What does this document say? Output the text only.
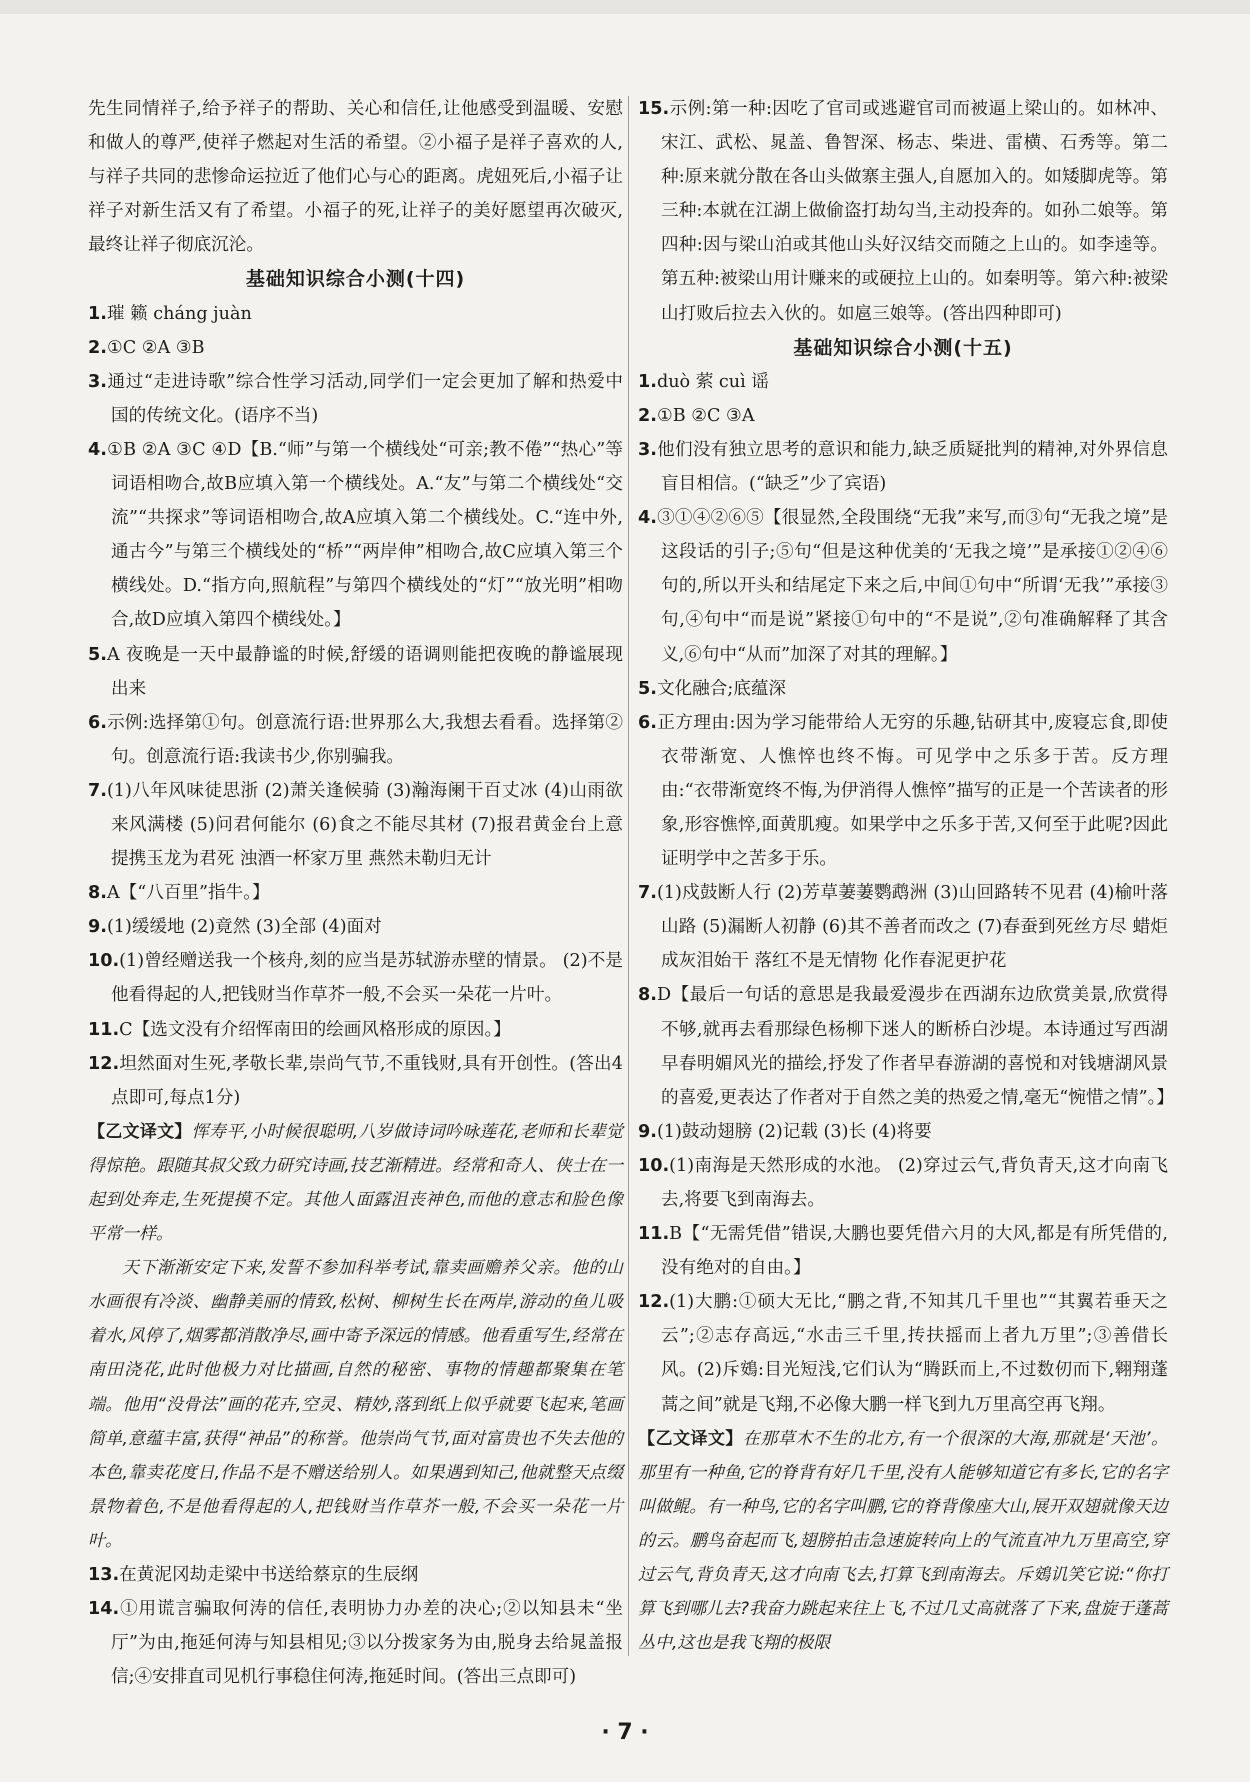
先生同情祥子,给予祥子的帮助、关心和信任,让他感受到温暖、安慰和做人的尊严,使祥子燃起对生活的希望。②小福子是祥子喜欢的人,与祥子共同的悲惨命运拉近了他们心与心的距离。虎妞死后,小福子让祥子对新生活又有了希望。小福子的死,让祥子的美好愿望再次破灭,最终让祥子彻底沉沦。

基础知识综合小测(十四)

1.璀 籁 cháng juàn

2.①C ②A ③B

3.通过“走进诗歌”综合性学习活动,同学们一定会更加了解和热爱中国的传统文化。(语序不当)

4.①B ②A ③C ④D【B.“师”与第一个横线处“可亲;教不倦”“热心”等词语相吻合,故B应填入第一个横线处。A.“友”与第二个横线处“交流”“共探求”等词语相吻合,故A应填入第二个横线处。C.“连中外,通古今”与第三个横线处的“桥”“两岸伸”相吻合,故C应填入第三个横线处。D.“指方向,照航程”与第四个横线处的“灯”“放光明”相吻合,故D应填入第四个横线处。】

5.A 夜晚是一天中最静谧的时候,舒缓的语调则能把夜晚的静谧展现出来

6.示例:选择第①句。创意流行语:世界那么大,我想去看看。选择第②句。创意流行语:我读书少,你别骗我。

7.(1)八年风味徒思浙 (2)萧关逢候骑 (3)瀚海阑干百丈冰 (4)山雨欲来风满楼 (5)问君何能尔 (6)食之不能尽其材 (7)报君黄金台上意 提携玉龙为君死 浊酒一杯家万里 燕然未勒归无计

8.A【“八百里”指牛。】

9.(1)缓缓地 (2)竟然 (3)全部 (4)面对

10.(1)曾经赠送我一个核舟,刻的应当是苏轼游赤壁的情景。 (2)不是他看得起的人,把钱财当作草芥一般,不会买一朵花一片叶。

11.C【选文没有介绍恽南田的绘画风格形成的原因。】

12.坦然面对生死,孝敬长辈,崇尚气节,不重钱财,具有开创性。(答出4点即可,每点1分)

【乙文译文】恽寿平,小时候很聪明,八岁做诗词吟咏莲花,老师和长辈觉得惊艳。跟随其叔父致力研究诗画,技艺渐精进。经常和奇人、侠士在一起到处奔走,生死提摸不定。其他人面露沮丧神色,而他的意志和脸色像平常一样。

天下渐渐安定下来,发誓不参加科举考试,靠卖画赡养父亲。他的山水画很有冷淡、幽静美丽的情致,松树、柳树生长在两岸,游动的鱼儿吸着水,风停了,烟雾都消散净尽,画中寄予深远的情感。他看重写生,经常在南田浇花,此时他极力对比描画,自然的秘密、事物的情趣都聚集在笔端。他用“没骨法”画的花卉,空灵、精妙,落到纸上似乎就要飞起来,笔画简单,意蕴丰富,获得“神品”的称誉。他崇尚气节,面对富贵也不失去他的本色,靠卖花度日,作品不是不赠送给别人。如果遇到知己,他就整天点缀景物着色,不是他看得起的人,把钱财当作草芥一般,不会买一朵花一片叶。

13.在黄泥冈劫走梁中书送给蔡京的生辰纲

14.①用谎言骗取何涛的信任,表明协力办差的决心;②以知县未“坐厅”为由,拖延何涛与知县相见;③以分拨家务为由,脱身去给晁盖报信;④安排直司见机行事稳住何涛,拖延时间。(答出三点即可)

15.示例:第一种:因吃了官司或逃避官司而被逼上梁山的。如林冲、宋江、武松、晁盖、鲁智深、杨志、柴进、雷横、石秀等。第二种:原来就分散在各山头做寨主强人,自愿加入的。如矮脚虎等。第三种:本就在江湖上做偷盗打劫勾当,主动投奔的。如孙二娘等。第四种:因与梁山泊或其他山头好汉结交而随之上山的。如李逵等。第五种:被梁山用计赚来的或硬拉上山的。如秦明等。第六种:被梁山打败后拉去入伙的。如扈三娘等。(答出四种即可)

基础知识综合小测(十五)

1.duò 萦 cuì 谣

2.①B ②C ③A

3.他们没有独立思考的意识和能力,缺乏质疑批判的精神,对外界信息盲目相信。(“缺乏”少了宾语)

4.③①④②⑥⑤【很显然,全段围绕“无我”来写,而③句“无我之境”是这段话的引子;⑤句“但是这种优美的‘无我之境’”是承接①②④⑥句的,所以开头和结尾定下来之后,中间①句中“所谓‘无我’”承接③句,④句中“而是说”紧接①句中的“不是说”,②句准确解释了其含义,⑥句中“从而”加深了对其的理解。】

5.文化融合;底蕴深

6.正方理由:因为学习能带给人无穷的乐趣,钻研其中,废寝忘食,即使衣带渐宽、人憔悴也终不悔。可见学中之乐多于苦。反方理由:“衣带渐宽终不悔,为伊消得人憔悴”描写的正是一个苦读者的形象,形容憔悴,面黄肌瘦。如果学中之乐多于苦,又何至于此呢?因此证明学中之苦多于乐。

7.(1)戍鼓断人行 (2)芳草萋萋鹦鹉洲 (3)山回路转不见君 (4)榆叶落山路 (5)漏断人初静 (6)其不善者而改之 (7)春蚕到死丝方尽 蜡炬成灰泪始干 落红不是无情物 化作春泥更护花

8.D【最后一句话的意思是我最爱漫步在西湖东边欣赏美景,欣赏得不够,就再去看那绿色杨柳下迷人的断桥白沙堤。本诗通过写西湖早春明媚风光的描绘,抒发了作者早春游湖的喜悦和对钱塘湖风景的喜爱,更表达了作者对于自然之美的热爱之情,毫无“惋惜之情”。】

9.(1)鼓动翅膀 (2)记载 (3)长 (4)将要

10.(1)南海是天然形成的水池。 (2)穿过云气,背负青天,这才向南飞去,将要飞到南海去。

11.B【“无需凭借”错误,大鹏也要凭借六月的大风,都是有所凭借的,没有绝对的自由。】

12.(1)大鹏:①硕大无比,“鹏之背,不知其几千里也”“其翼若垂天之云”;②志存高远,“水击三千里,抟扶摇而上者九万里”;③善借长风。(2)斥鴳:目光短浅,它们认为“腾跃而上,不过数仞而下,翱翔蓬蒿之间”就是飞翔,不必像大鹏一样飞到九万里高空再飞翔。

【乙文译文】在那草木不生的北方,有一个很深的大海,那就是‘天池’。那里有一种鱼,它的脊背有好几千里,没有人能够知道它有多长,它的名字叫做鲲。有一种鸟,它的名字叫鹏,它的脊背像座大山,展开双翅就像天边的云。鹏鸟奋起而飞,翅膀拍击急速旋转向上的气流直冲九万里高空,穿过云气,背负青天,这才向南飞去,打算飞到南海去。斥鴳讥笑它说:“你打算飞到哪儿去?我奋力跳起来往上飞,不过几丈高就落了下来,盘旋于蓬蒿丛中,这也是我飞翔的极限

· 7 ·
